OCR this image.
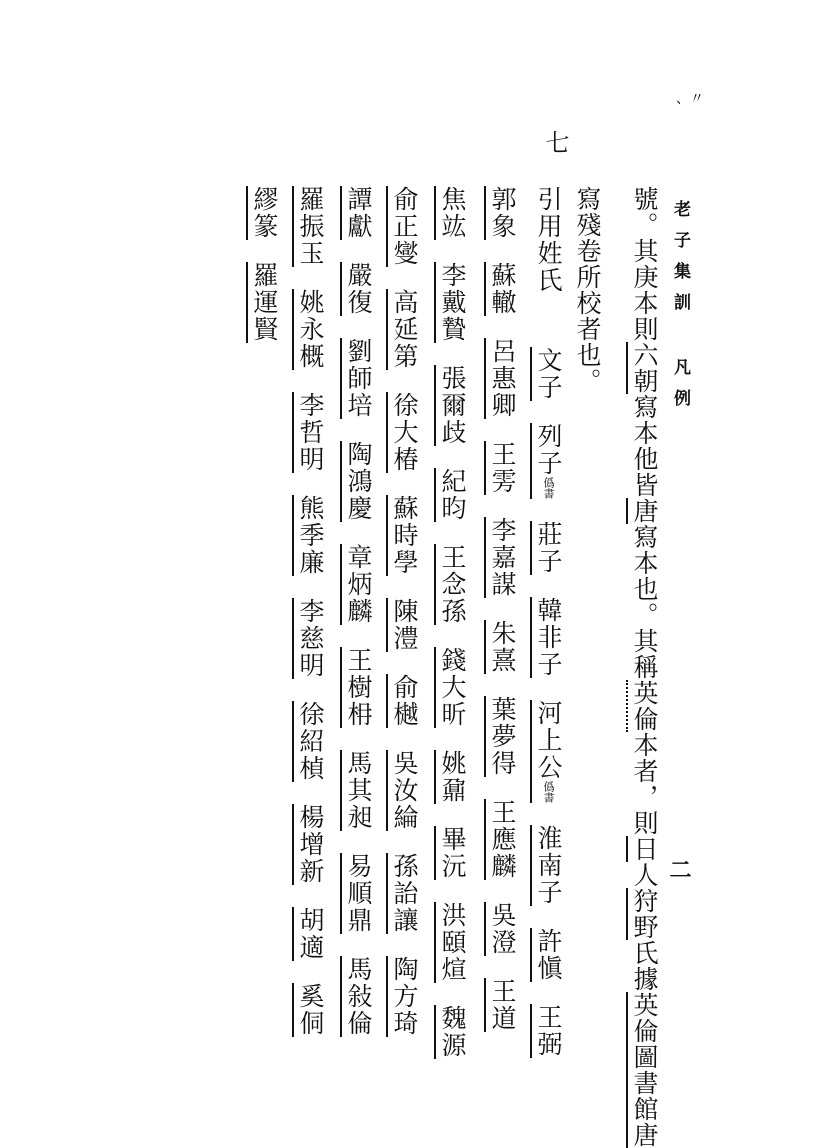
、〃
老子集訓 凡例
二
號。其庚本則六朝寫本他皆唐寫本也。其稱英倫本者，則日人狩野氏據英倫圖書館唐
寫殘卷所校者也。
七
引用姓氏 文子列子僞書莊子韓非子河上公僞書淮南子許愼王弼
郭象蘇轍呂惠卿王雱李嘉謀朱熹葉夢得王應麟吳澄王道
焦竑李戴贄張爾歧紀昀王念孫錢大昕姚鼐畢沅洪頤煊魏源
俞正燮高延第徐大椿蘇時學陳澧俞樾吳汝綸孫詒讓陶方琦
譚獻嚴復劉師培陶鴻慶章炳麟王樹枏馬其昶易順鼎馬敍倫
羅振玉姚永概李哲明熊季廉李慈明徐紹楨楊增新胡適奚侗
繆篆羅運賢
